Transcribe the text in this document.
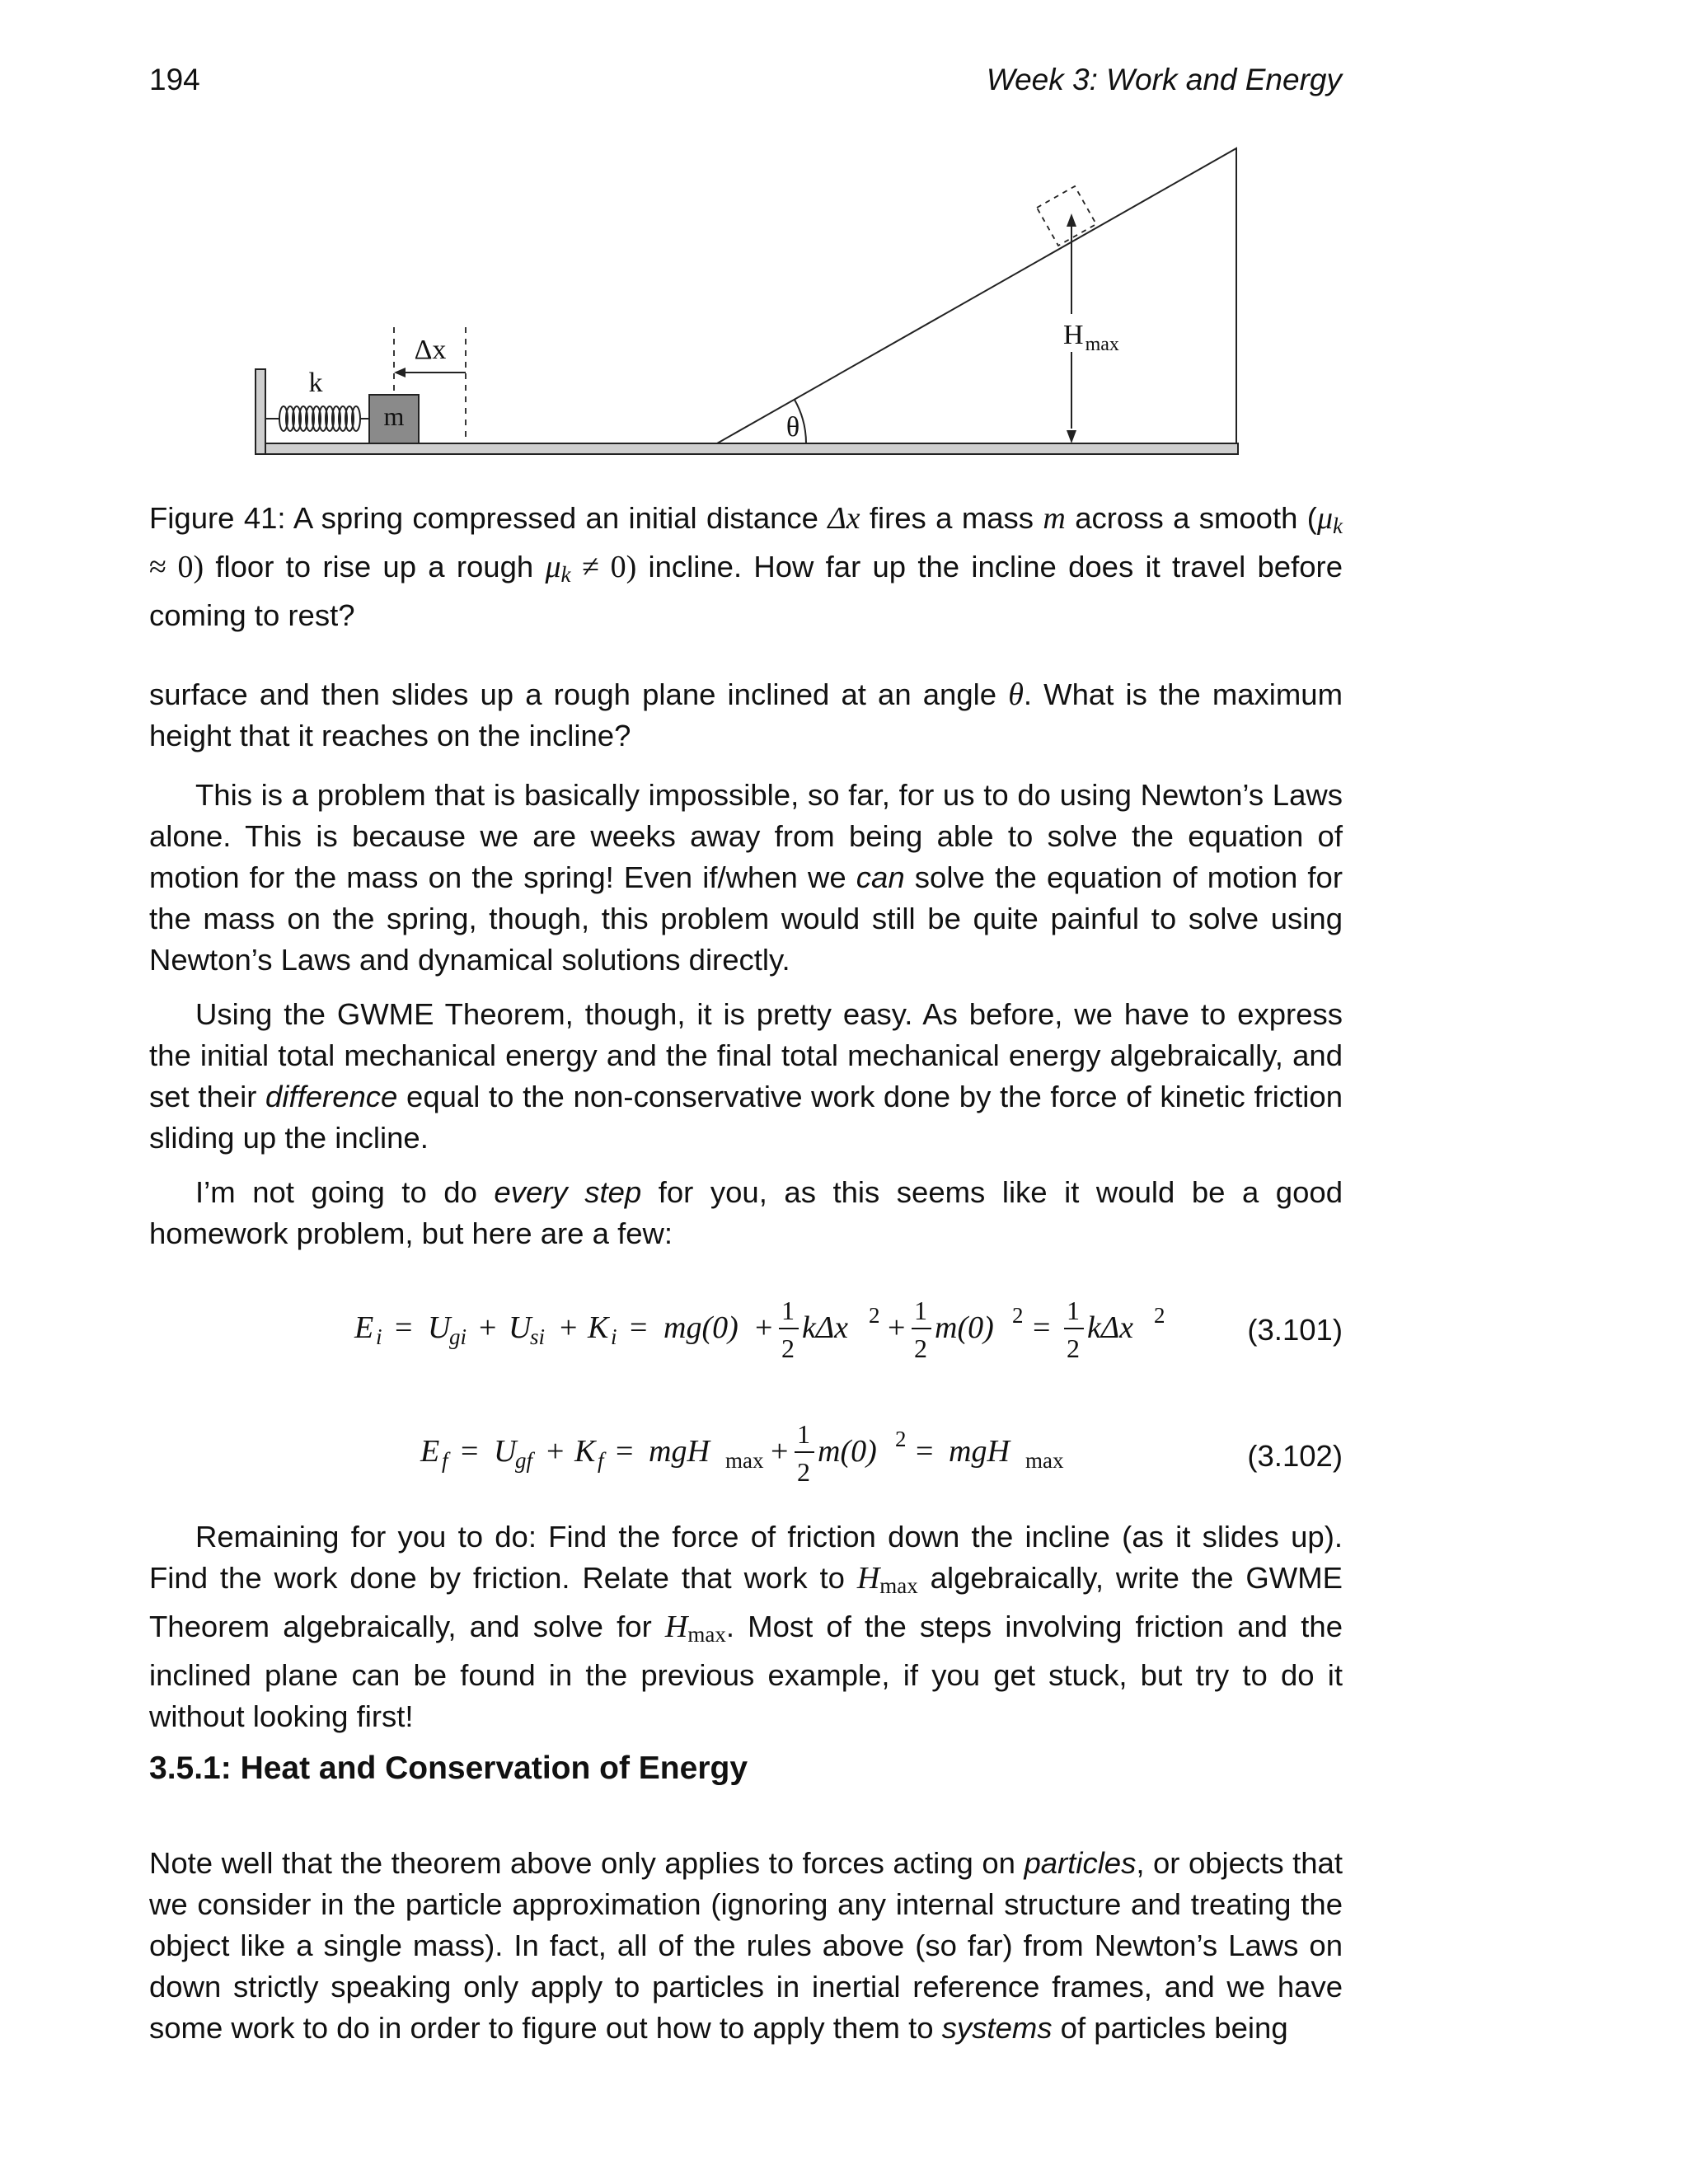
194	Week 3: Work and Energy
k
m
Δx
θ
$H_{max}$
Figure 41: A spring compressed an initial distance Δx fires a mass m across a smooth (μk ≈ 0) floor to rise up a rough μk ≠ 0) incline. How far up the incline does it travel before coming to rest?
surface and then slides up a rough plane inclined at an angle θ. What is the maximum height that it reaches on the incline?
This is a problem that is basically impossible, so far, for us to do using Newton’s Laws alone. This is because we are weeks away from being able to solve the equation of motion for the mass on the spring! Even if/when we can solve the equation of motion for the mass on the spring, though, this problem would still be quite painful to solve using Newton’s Laws and dynamical solutions directly.
Using the GWME Theorem, though, it is pretty easy. As before, we have to express the initial total mechanical energy and the final total mechanical energy algebraically, and set their difference equal to the non-conservative work done by the force of kinetic friction sliding up the incline.
I’m not going to do every step for you, as this seems like it would be a good homework problem, but here are a few:
E i = U
gi + U
si + K i = mg(0) + 1
2
kΔx 2 + 1
2
m(0) 2 = 1
2
kΔx 2	(3.101)
E f = U
gf + K f = mgH max + 1
2
m(0) 2 = mgH max	(3.102)
Remaining for you to do: Find the force of friction down the incline (as it slides up). Find the work done by friction. Relate that work to Hmax algebraically, write the GWME Theorem algebraically, and solve for Hmax. Most of the steps involving friction and the inclined plane can be found in the previous example, if you get stuck, but try to do it without looking first!
3.5.1: Heat and Conservation of Energy
Note well that the theorem above only applies to forces acting on particles, or objects that we consider in the particle approximation (ignoring any internal structure and treating the object like a single mass). In fact, all of the rules above (so far) from Newton’s Laws on down strictly speaking only apply to particles in inertial reference frames, and we have some work to do in order to figure out how to apply them to systems of particles being
